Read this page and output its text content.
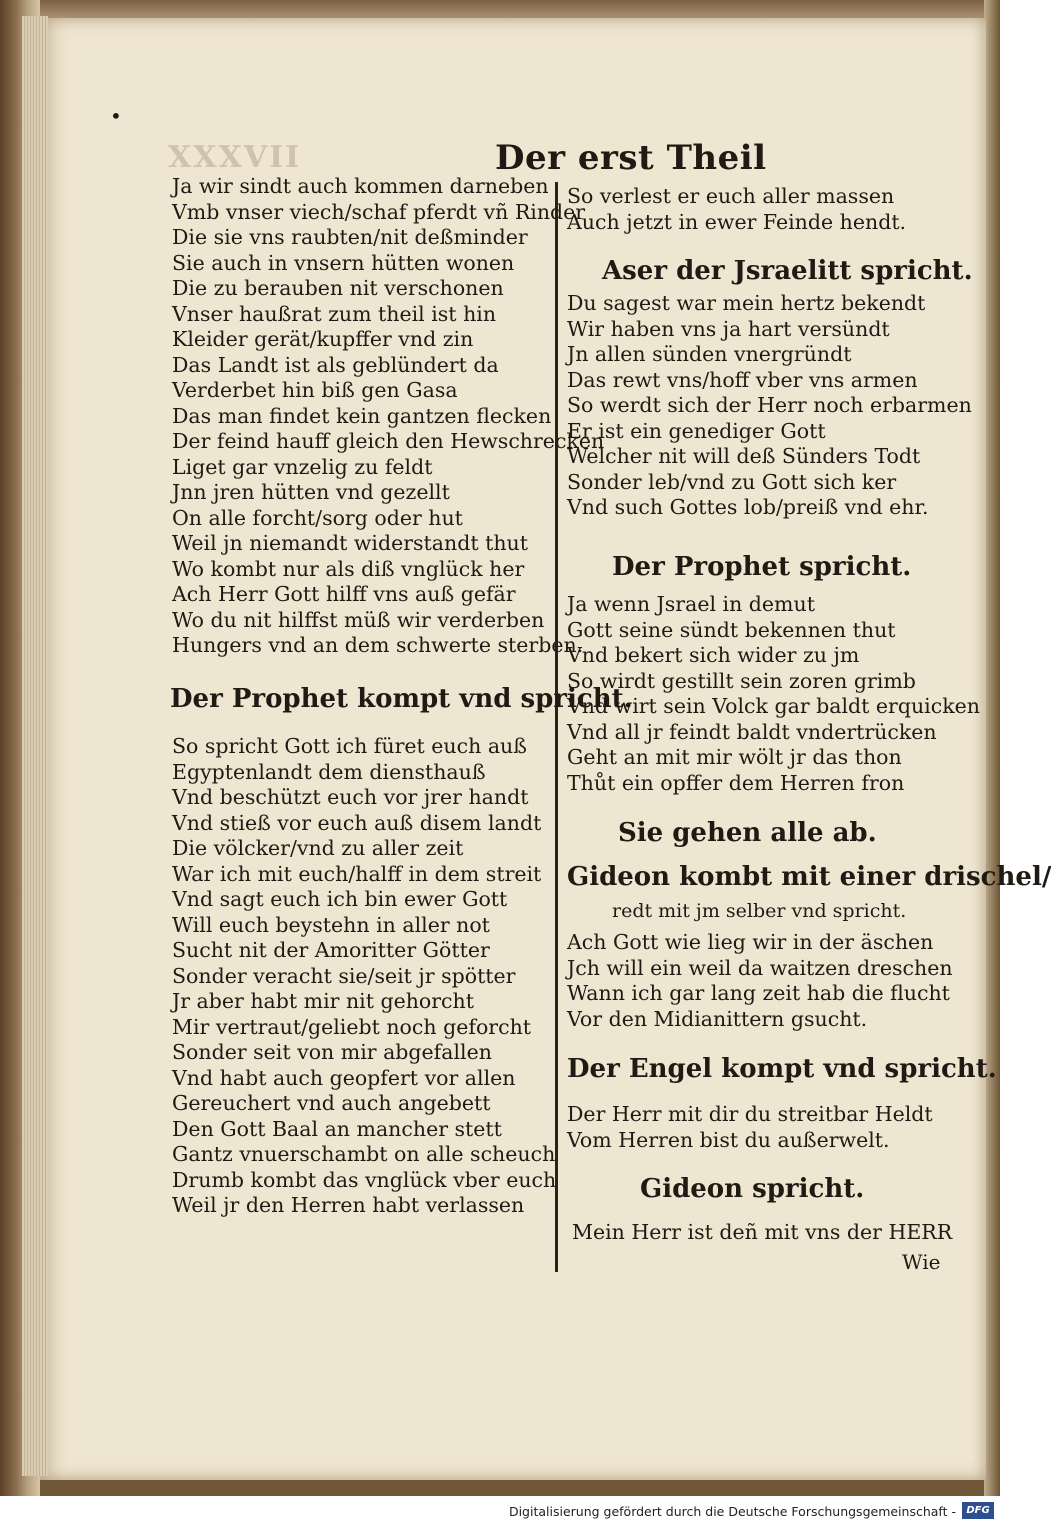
•
XXXVII	Der erst Theil
Ja wir sindt auch kommen darneben
Vmb vnser viech/schaf pferdt vñ Rinder
Die sie vns raubten/nit deßminder
Sie auch in vnsern hütten wonen
Die zu berauben nit verschonen
Vnser haußrat zum theil ist hin
Kleider gerät/kupffer vnd zin
Das Landt ist als geblündert da
Verderbet hin biß gen Gasa
Das man findet kein gantzen flecken
Der feind hauff gleich den Hewschrecken
Liget gar vnzelig zu feldt
Jnn jren hütten vnd gezellt
On alle forcht/sorg oder hut
Weil jn niemandt widerstandt thut
Wo kombt nur als diß vnglück her
Ach Herr Gott hilff vns auß gefär
Wo du nit hilffst müß wir verderben
Hungers vnd an dem schwerte sterben.
Der Prophet kompt vnd spricht.
So spricht Gott ich füret euch auß
Egyptenlandt dem diensthauß
Vnd beschützt euch vor jrer handt
Vnd stieß vor euch auß disem landt
Die völcker/vnd zu aller zeit
War ich mit euch/halff in dem streit
Vnd sagt euch ich bin ewer Gott
Will euch beystehn in aller not
Sucht nit der Amoritter Götter
Sonder veracht sie/seit jr spötter
Jr aber habt mir nit gehorcht
Mir vertraut/geliebt noch geforcht
Sonder seit von mir abgefallen
Vnd habt auch geopfert vor allen
Gereuchert vnd auch angebett
Den Gott Baal an mancher stett
Gantz vnuerschambt on alle scheuch
Drumb kombt das vnglück vber euch
Weil jr den Herren habt verlassen
So verlest er euch aller massen
Auch jetzt in ewer Feinde hendt.
Aser der Jsraelitt spricht.
Du sagest war mein hertz bekendt
Wir haben vns ja hart versündt
Jn allen sünden vnergründt
Das rewt vns/hoff vber vns armen
So werdt sich der Herr noch erbarmen
Er ist ein genediger Gott
Welcher nit will deß Sünders Todt
Sonder leb/vnd zu Gott sich ker
Vnd such Gottes lob/preiß vnd ehr.
Der Prophet spricht.
Ja wenn Jsrael in demut
Gott seine sündt bekennen thut
Vnd bekert sich wider zu jm
So wirdt gestillt sein zoren grimb
Vnd wirt sein Volck gar baldt erquicken
Vnd all jr feindt baldt vndertrücken
Geht an mit mir wölt jr das thon
Thůt ein opffer dem Herren fron
Sie gehen alle ab.
Gideon kombt mit einer drischel/
redt mit jm selber vnd spricht.
Ach Gott wie lieg wir in der äschen
Jch will ein weil da waitzen dreschen
Wann ich gar lang zeit hab die flucht
Vor den Midianittern gsucht.
Der Engel kompt vnd spricht.
Der Herr mit dir du streitbar Heldt
Vom Herren bist du außerwelt.
Gideon spricht.
Mein Herr ist deñ mit vns der HERR
Wie
Digitalisierung gefördert durch die Deutsche Forschungsgemeinschaft -	DFG
